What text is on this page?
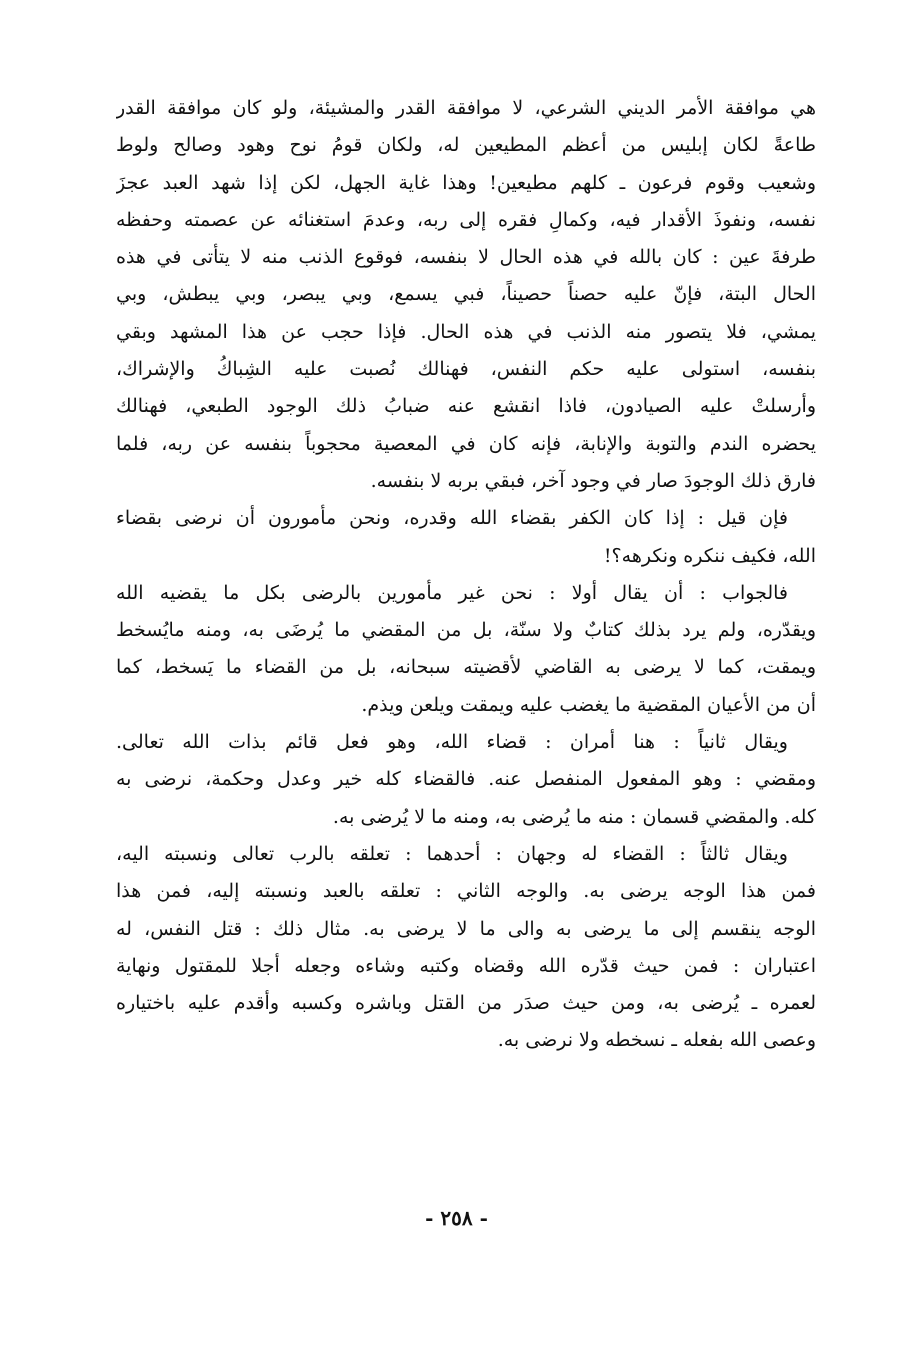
هي موافقة الأمر الديني الشرعي، لا موافقة القدر والمشيئة، ولو كان موافقة القدر
طاعةً لكان إبليس من أعظم المطيعين له، ولكان قومُ نوح وهود وصالح ولوط
وشعيب وقوم فرعون ـ كلهم مطيعين! وهذا غاية الجهل، لكن إذا شهد العبد عجزَ
نفسه، ونفوذَ الأقدار فيه، وكمالِ فقره إلى ربه، وعدمَ استغنائه عن عصمته وحفظه
طرفةَ عين : كان بالله في هذه الحال لا بنفسه، فوقوع الذنب منه لا يتأتى في هذه
الحال البتة، فإنّ عليه حصناً حصيناً، فبي يسمع، وبي يبصر، وبي يبطش، وبي
يمشي، فلا يتصور منه الذنب في هذه الحال. فإذا حجب عن هذا المشهد وبقي
بنفسه، استولى عليه حكم النفس، فهنالك نُصبت عليه الشِباكُ والإشراك،
وأرسلتْ عليه الصيادون، فاذا انقشع عنه ضبابُ ذلك الوجود الطبعي، فهنالك
يحضره الندم والتوبة والإنابة، فإنه كان في المعصية محجوباً بنفسه عن ربه، فلما
فارق ذلك الوجودَ صار في وجود آخر، فبقي بربه لا بنفسه.
فإن قيل : إذا كان الكفر بقضاء الله وقدره، ونحن مأمورون أن نرضى بقضاء
الله، فكيف ننكره ونكرهه؟!
فالجواب : أن يقال أولا : نحن غير مأمورين بالرضى بكل ما يقضيه الله
ويقدّره، ولم يرد بذلك كتابٌ ولا سنّة، بل من المقضي ما يُرضَى به، ومنه مايُسخط
ويمقت، كما لا يرضى به القاضي لأقضيته سبحانه، بل من القضاء ما يَسخط، كما
أن من الأعيان المقضية ما يغضب عليه ويمقت ويلعن ويذم.
ويقال ثانياً : هنا أمران : قضاء الله، وهو فعل قائم بذات الله تعالى.
ومقضي : وهو المفعول المنفصل عنه. فالقضاء كله خير وعدل وحكمة، نرضى به
كله. والمقضي قسمان : منه ما يُرضى به، ومنه ما لا يُرضى به.
ويقال ثالثاً : القضاء له وجهان : أحدهما : تعلقه بالرب تعالى ونسبته اليه،
فمن هذا الوجه يرضى به. والوجه الثاني : تعلقه بالعبد ونسبته إليه، فمن هذا
الوجه ينقسم إلى ما يرضى به والى ما لا يرضى به. مثال ذلك : قتل النفس، له
اعتباران : فمن حيث قدّره الله وقضاه وكتبه وشاءه وجعله أجلا للمقتول ونهاية
لعمره ـ يُرضى به، ومن حيث صدَر من القتل وباشره وكسبه وأقدم عليه باختياره
وعصى الله بفعله ـ نسخطه ولا نرضى به.
- ٢٥٨ -
